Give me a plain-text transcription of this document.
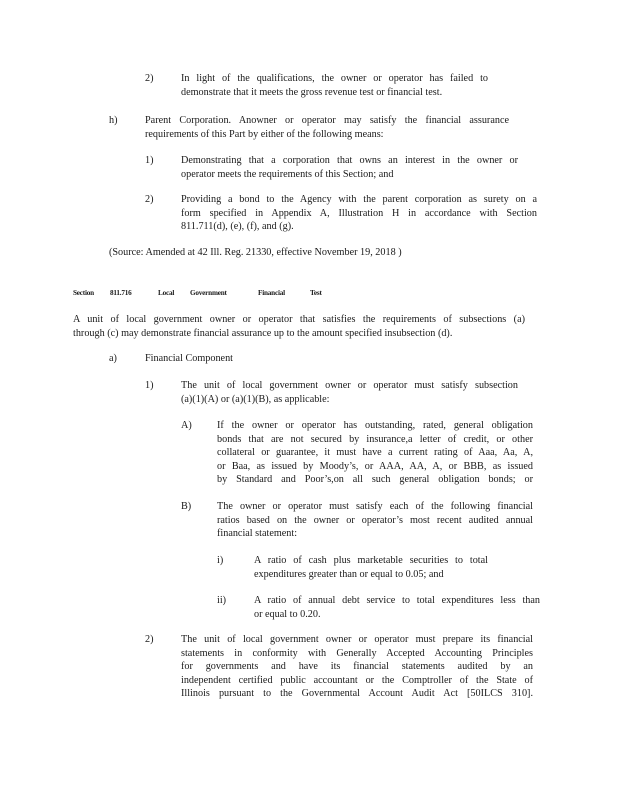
2)	In light of the qualifications, the owner or operator has failed to
demonstrate that it meets the gross revenue test or financial test.
h)	Parent Corporation. Anowner or operator may satisfy the financial assurance
requirements of this Part by either of the following means:
1)	Demonstrating that a corporation that owns an interest in the owner or
operator meets the requirements of this Section; and
2)	Providing a bond to the Agency with the parent corporation as surety on a
form specified in Appendix A, Illustration H in accordance with Section
811.711(d), (e), (f), and (g).
(Source: Amended at 42 Ill. Reg. 21330, effective November 19, 2018 )
Section 811.716	Local Government	Financial	Test
A unit of local government owner or operator that satisfies the requirements of subsections (a)
through (c) may demonstrate financial assurance up to the amount specified insubsection (d).
a)	Financial Component
1)	The unit of local government owner or operator must satisfy subsection
(a)(1)(A) or (a)(1)(B), as applicable:
A) If the owner or operator has outstanding, rated, general obligation
bonds that are not secured by insurance,a letter of credit, or other
collateral or guarantee, it must have a current rating of Aaa, Aa, A,
or Baa, as issued by Moody’s, or AAA, AA, A, or BBB, as issued
by Standard and Poor’s,on all such general obligation bonds; or
B)	The owner or operator must satisfy each of the following financial
ratios based on the owner or operator’s most recent audited annual
financial statement:
i)	A ratio of cash plus marketable securities to total
expenditures greater than or equal to 0.05; and
ii)	A ratio of annual debt service to total expenditures less than
or equal to 0.20.
2)	The unit of local government owner or operator must prepare its financial
statements in conformity with Generally Accepted Accounting Principles
for governments and have its financial statements audited by an
independent certified public accountant or the Comptroller of the State of
Illinois pursuant to the Governmental Account Audit Act [50ILCS 310].
